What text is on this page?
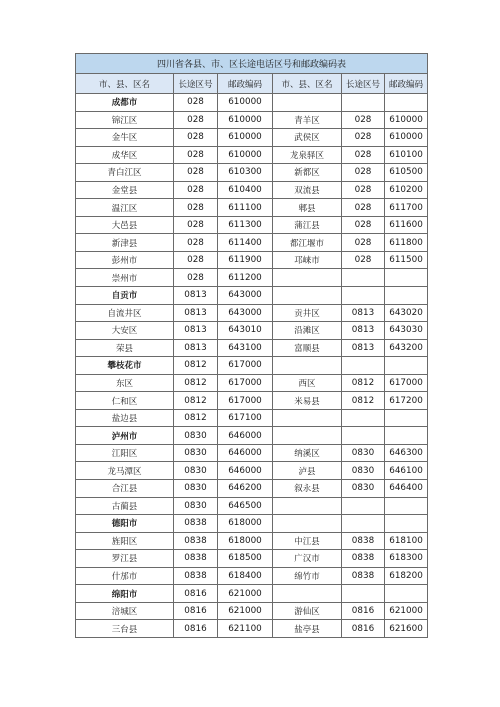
四川省各县、市、区长途电话区号和邮政编码表					
市、县、区名	长途区号	邮政编码	市、县、区名	长途区号	邮政编码
成都市	028	610000			
锦江区	028	610000	青羊区	028	610000
金牛区	028	610000	武侯区	028	610000
成华区	028	610000	龙泉驿区	028	610100
青白江区	028	610300	新都区	028	610500
金堂县	028	610400	双流县	028	610200
温江区	028	611100	郫县	028	611700
大邑县	028	611300	蒲江县	028	611600
新津县	028	611400	都江堰市	028	611800
彭州市	028	611900	邛崃市	028	611500
崇州市	028	611200			
自贡市	0813	643000			
自流井区	0813	643000	贡井区	0813	643020
大安区	0813	643010	沿滩区	0813	643030
荣县	0813	643100	富顺县	0813	643200
攀枝花市	0812	617000			
东区	0812	617000	西区	0812	617000
仁和区	0812	617000	米易县	0812	617200
盐边县	0812	617100			
泸州市	0830	646000			
江阳区	0830	646000	纳溪区	0830	646300
龙马潭区	0830	646000	泸县	0830	646100
合江县	0830	646200	叙永县	0830	646400
古蔺县	0830	646500			
德阳市	0838	618000			
旌阳区	0838	618000	中江县	0838	618100
罗江县	0838	618500	广汉市	0838	618300
什邡市	0838	618400	绵竹市	0838	618200
绵阳市	0816	621000			
涪城区	0816	621000	游仙区	0816	621000
三台县	0816	621100	盐亭县	0816	621600
